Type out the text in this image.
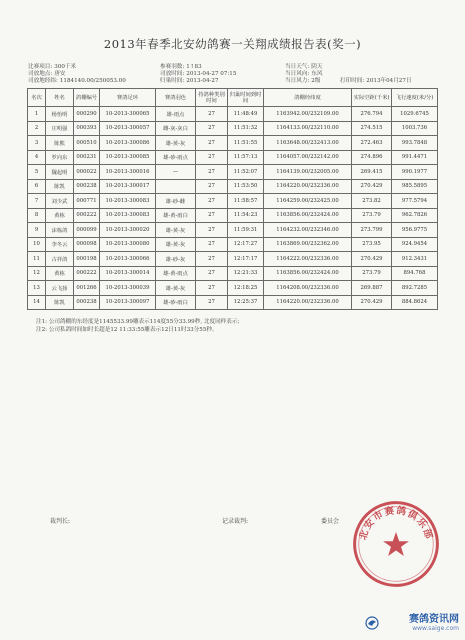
2013年春季北安幼鸽赛一关翔成绩报告表(奖一)
比赛项目: 300千米
司放地点: 唐安
司放地经纬: 1184140.00/250053.00
参赛羽数: 1↑83
司放时间: 2013-04-27 07:15
归巢时间: 2013-04-27
当日天气: 阴天
当日风向: 东风
当日风力: 2级	打印时间: 2013年04月27日
名次	姓名	鸽棚编号	赛鸽足环	赛鸽羽色	持鸽种类别时间	归巢时间到时间	鸽棚经纬度	实际空距(千米)	飞行速度(米/分)
1	杨怡明	000290	10-2013-300065	雄-雨点	27	11:48:49	1163942.00/232109.00	276.794	1029.6745
2	庄明强	000393	10-2013-300057	雌-灰-灰白	27	11:51:32	1164133.00/232110.00	274.515	1003.736
3	陈熊	000510	10-2013-300086	雄-黄-灰	27	11:51:55	1163648.00/232413.00	272.463	993.7848
4	罗向东	000231	10-2013-300085	雄-砂-雨点	27	11:57:13	1164057.00/232142.00	274.896	991.4471
5	魏起明	000022	10-2013-300016	—	27	11:52:07	1164139.00/232005.00	269.415	990.1977
6	陈凯	000238	10-2013-300017		27	11:53:50	1164220.00/232336.00	270.429	985.5895
7	刘少武	000771	10-2013-300083	雄-砂-雌	27	11:58:57	1164259.00/232425.00	273.82	977.5794
8	黄栋	000222	10-2013-300083	雄-黄-雨白	27	11:54:23	1163856.00/232424.00	273.79	962.7826
9	沫栋鸽	000099	10-2013-300020	雄-黄-灰	27	11:59:31	1164232.00/232346.00	273.799	956.9775
10	李冬云	000098	10-2013-300080	雄-黄-灰	27	12:17:27	1163869.00/232362.00	273.95	924.9454
11	古祥鸽	000198	10-2013-300066	雄-砂-灰	27	12:17:17	1164222.00/232336.00	270.429	912.3431
12	黄栋	000222	10-2013-300014	雄-黄-雨点	27	12:21:33	1163856.00/232424.00	273.79	894.768
13	云飞扬	001266	10-2013-300039	雄-黄-灰	27	12:18:25	1164208.00/232336.00	269.887	892.7285
14	陈凯	000238	10-2013-300097	雄-砂-雨白	27	12:25:37	1164220.00/232336.00	270.429	884.8624
注1: 公司鸽棚的东经度是1145533.99雕表示114度55分33.99秒, 北度同样表示;
注2: 公司私鸽时间如时长超是12 11:33:55雕表示12日11时33分55秒。
裁判长:	记录裁判:	委员会
北安市赛鸽俱乐部
赛鸽资讯网
www.saige.com
